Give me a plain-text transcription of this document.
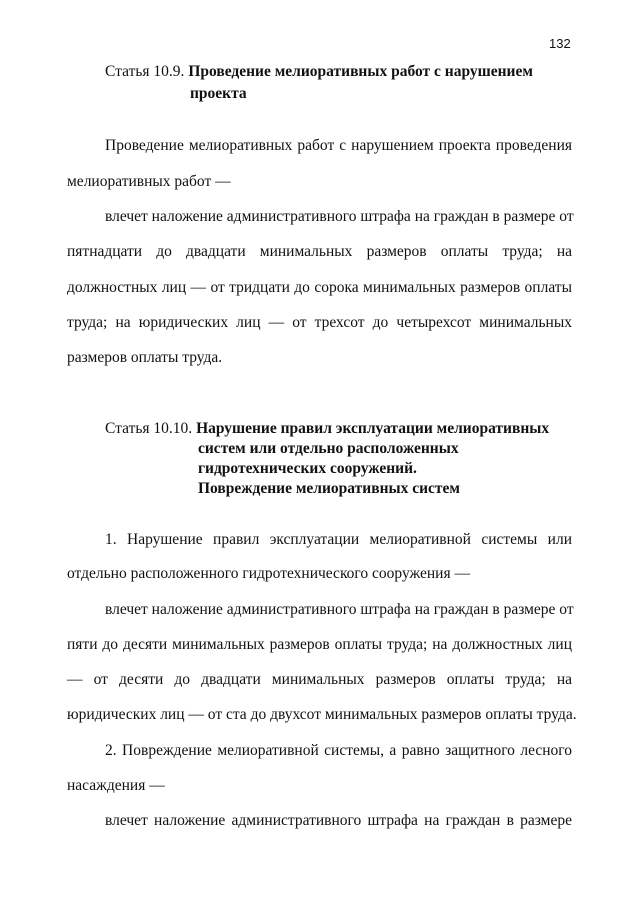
132
Статья 10.9. Проведение мелиоративных работ с нарушением
проекта
Проведение мелиоративных работ с нарушением проекта проведения
мелиоративных работ —
влечет наложение административного штрафа на граждан в размере от
пятнадцати до двадцати минимальных размеров оплаты труда; на
должностных лиц — от тридцати до сорока минимальных размеров оплаты
труда; на юридических лиц — от трехсот до четырехсот минимальных
размеров оплаты труда.
Статья 10.10. Нарушение правил эксплуатации мелиоративных
систем или отдельно расположенных
гидротехнических сооружений.
Повреждение мелиоративных систем
1. Нарушение правил эксплуатации мелиоративной системы или
отдельно расположенного гидротехнического сооружения —
влечет наложение административного штрафа на граждан в размере от
пяти до десяти минимальных размеров оплаты труда; на должностных лиц
— от десяти до двадцати минимальных размеров оплаты труда; на
юридических лиц — от ста до двухсот минимальных размеров оплаты труда.
2. Повреждение мелиоративной системы, а равно защитного лесного
насаждения —
влечет наложение административного штрафа на граждан в размере
